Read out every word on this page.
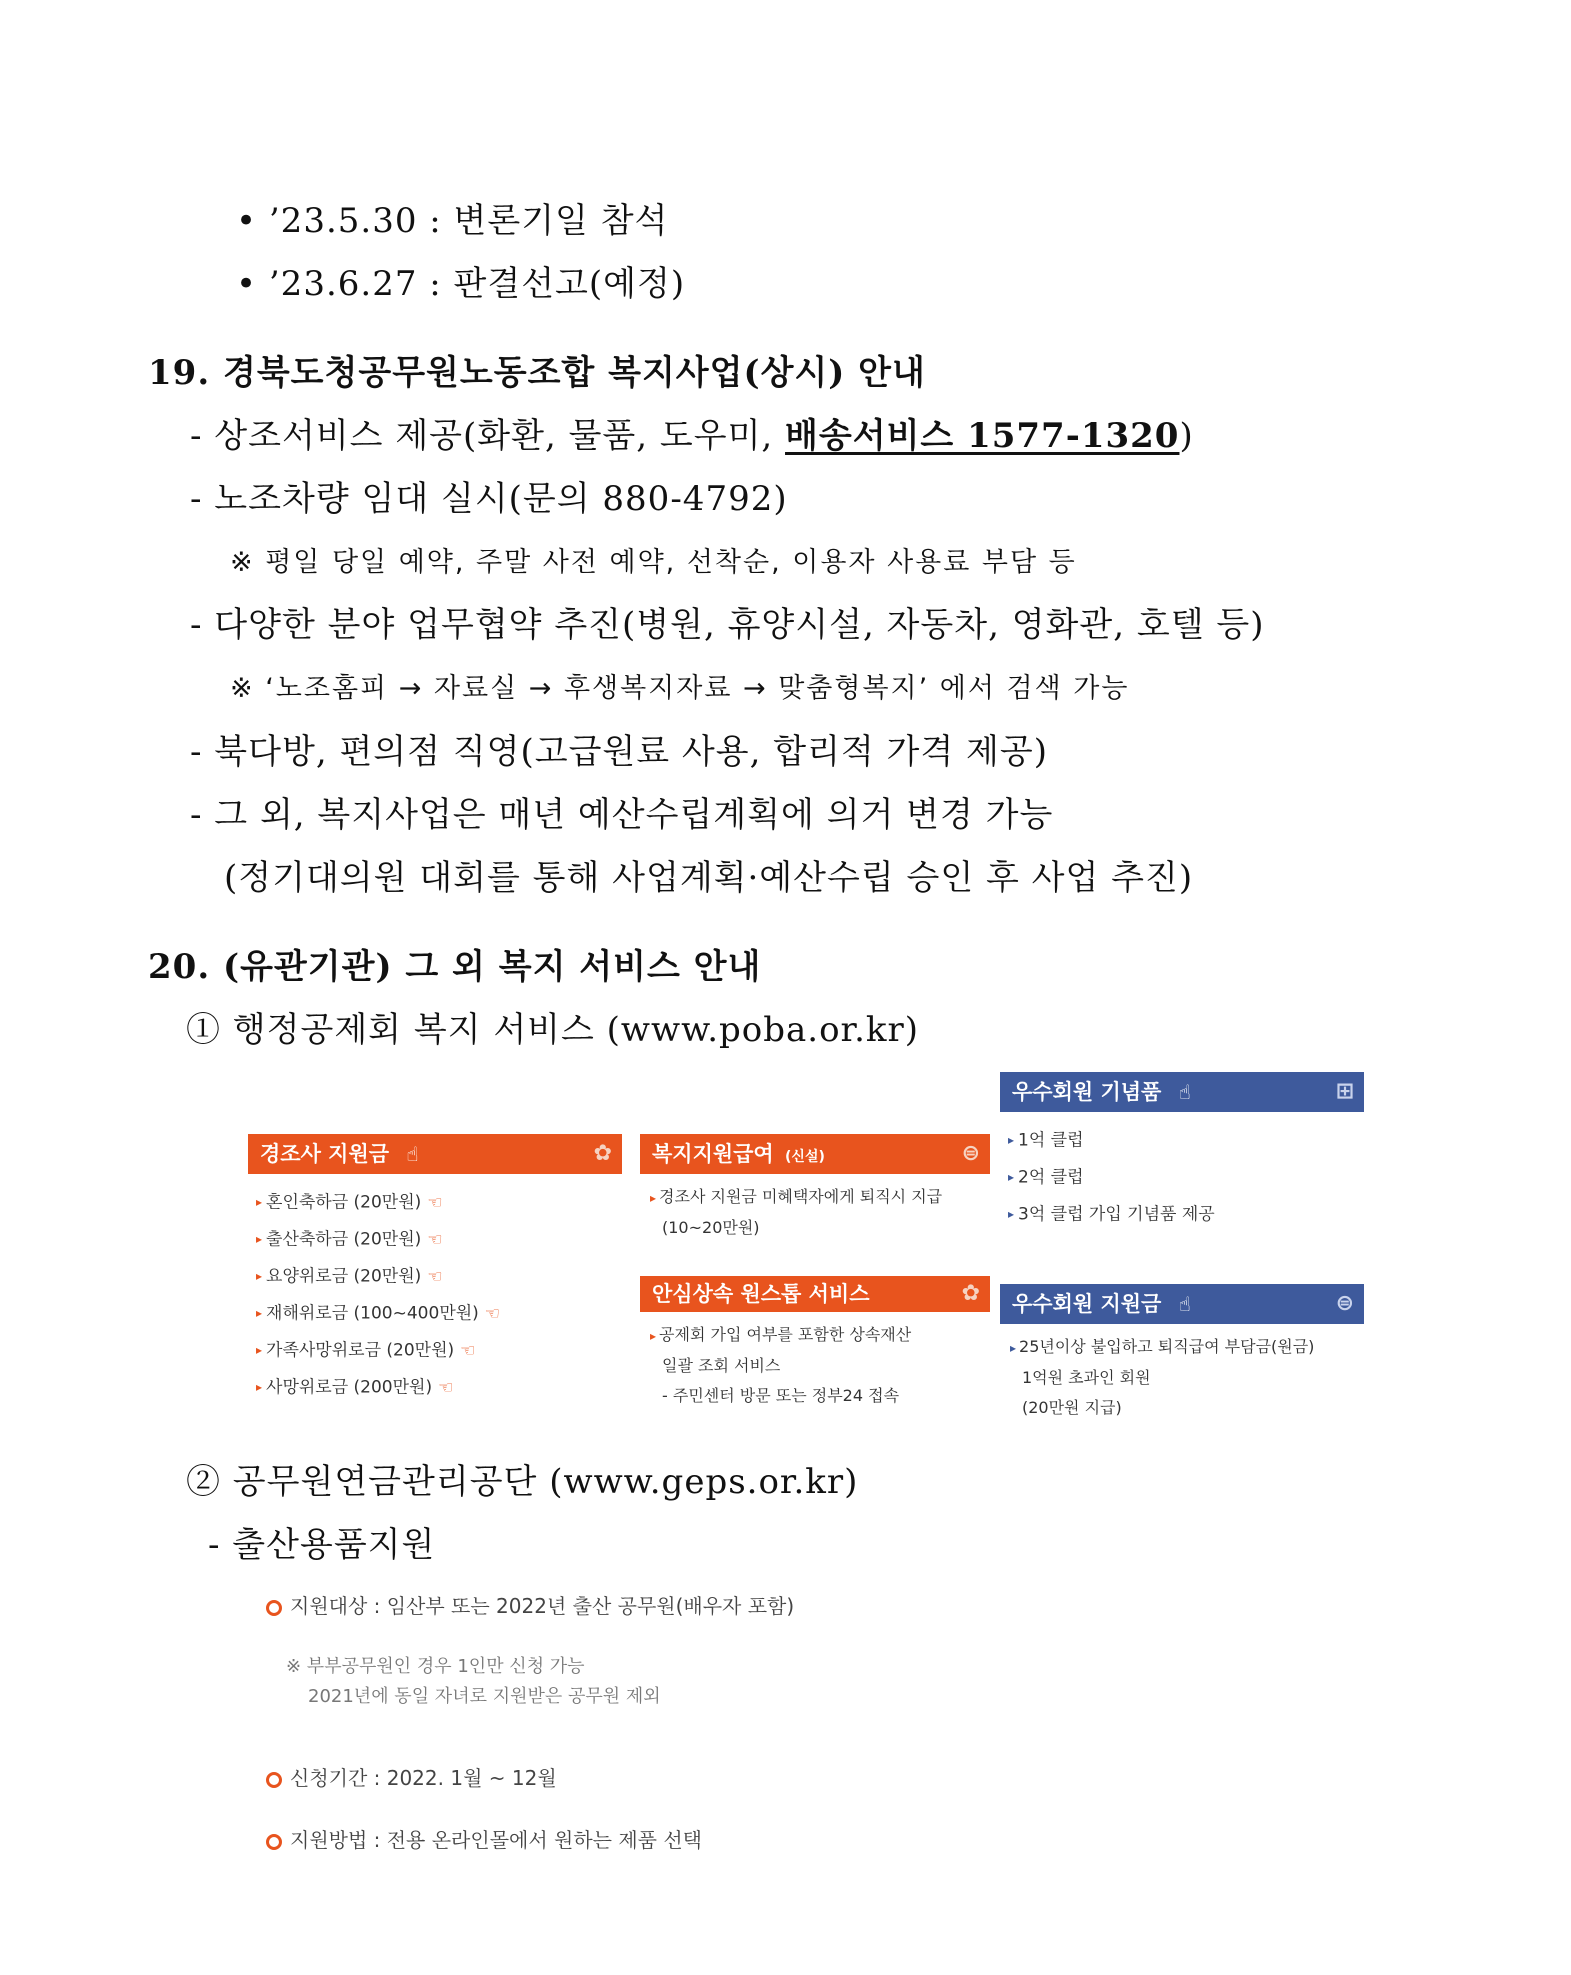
• ’23.5.30 : 변론기일 참석
• ’23.6.27 : 판결선고(예정)
19. 경북도청공무원노동조합 복지사업(상시) 안내
- 상조서비스 제공(화환, 물품, 도우미, 배송서비스 1577-1320)
- 노조차량 임대 실시(문의 880-4792)
※ 평일 당일 예약, 주말 사전 예약, 선착순, 이용자 사용료 부담 등
- 다양한 분야 업무협약 추진(병원, 휴양시설, 자동차, 영화관, 호텔 등)
※ ‘노조홈피 → 자료실 → 후생복지자료 → 맞춤형복지’ 에서 검색 가능
- 북다방, 편의점 직영(고급원료 사용, 합리적 가격 제공)
- 그 외, 복지사업은 매년 예산수립계획에 의거 변경 가능
(정기대의원 대회를 통해 사업계획·예산수립 승인 후 사업 추진)
20. (유관기관) 그 외 복지 서비스 안내
① 행정공제회 복지 서비스 (www.poba.or.kr)
경조사 지원금 ☝	✿
▸ 혼인축하금 (20만원) ☜
▸ 출산축하금 (20만원) ☜
▸ 요양위로금 (20만원) ☜
▸ 재해위로금 (100~400만원) ☜
▸ 가족사망위로금 (20만원) ☜
▸ 사망위로금 (200만원) ☜
복지지원급여 (신설)	⊜
▸ 경조사 지원금 미혜택자에게 퇴직시 지급
(10~20만원)
안심상속 원스톱 서비스	✿
▸ 공제회 가입 여부를 포함한 상속재산
일괄 조회 서비스
- 주민센터 방문 또는 정부24 접속
우수회원 기념품 ☝	⊞
▸ 1억 클럽
▸ 2억 클럽
▸ 3억 클럽 가입 기념품 제공
우수회원 지원금 ☝	⊜
▸ 25년이상 불입하고 퇴직급여 부담금(원금)
1억원 초과인 회원
(20만원 지급)
② 공무원연금관리공단 (www.geps.or.kr)
- 출산용품지원
지원대상 : 임산부 또는 2022년 출산 공무원(배우자 포함)
※ 부부공무원인 경우 1인만 신청 가능
2021년에 동일 자녀로 지원받은 공무원 제외
신청기간 : 2022. 1월 ~ 12월
지원방법 : 전용 온라인몰에서 원하는 제품 선택
